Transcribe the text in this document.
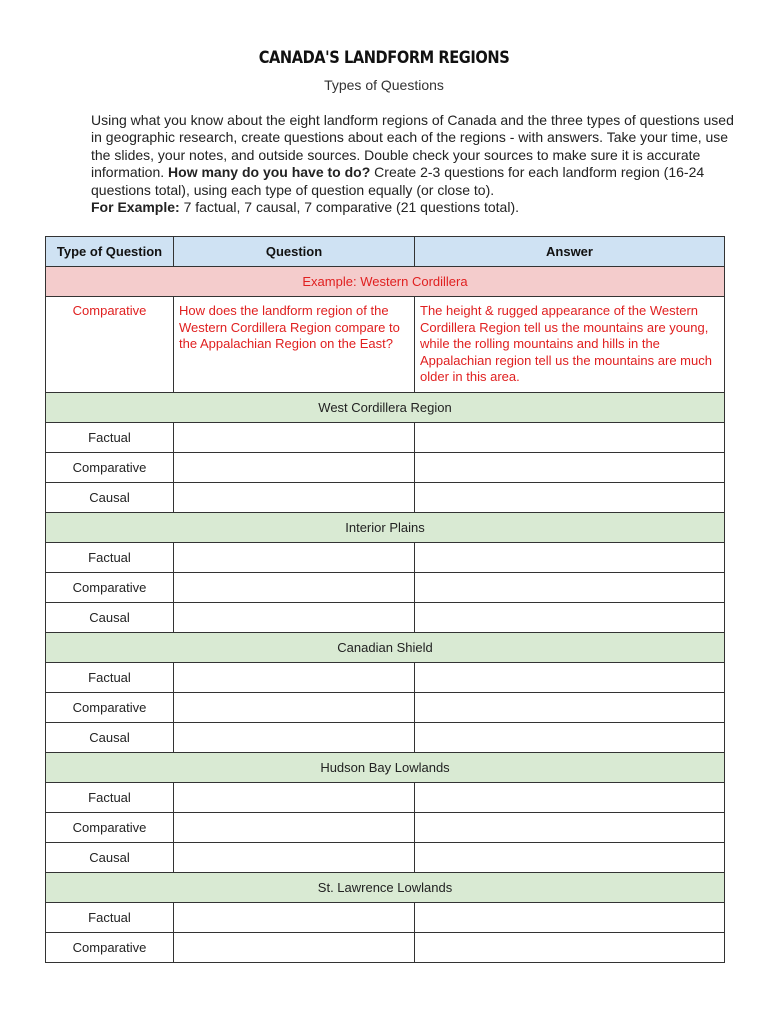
CANADA'S LANDFORM REGIONS
Types of Questions

Using what you know about the eight landform regions of Canada and the three types of questions used in geographic research, create questions about each of the regions - with answers. Take your time, use the slides, your notes, and outside sources. Double check your sources to make sure it is accurate information. How many do you have to do? Create 2-3 questions for each landform region (16-24 questions total), using each type of question equally (or close to).

For Example: 7 factual, 7 causal, 7 comparative (21 questions total).

Type of Question	Question	Answer
Example: Western Cordillera		
Comparative	How does the landform region of the Western Cordillera Region compare to the Appalachian Region on the East?	The height & rugged appearance of the Western Cordillera Region tell us the mountains are young, while the rolling mountains and hills in the Appalachian region tell us the mountains are much older in this area.
West Cordillera Region		
Factual		
Comparative		
Causal		
Interior Plains		
Factual		
Comparative		
Causal		
Canadian Shield		
Factual		
Comparative		
Causal		
Hudson Bay Lowlands		
Factual		
Comparative		
Causal		
St. Lawrence Lowlands		
Factual		
Comparative		
